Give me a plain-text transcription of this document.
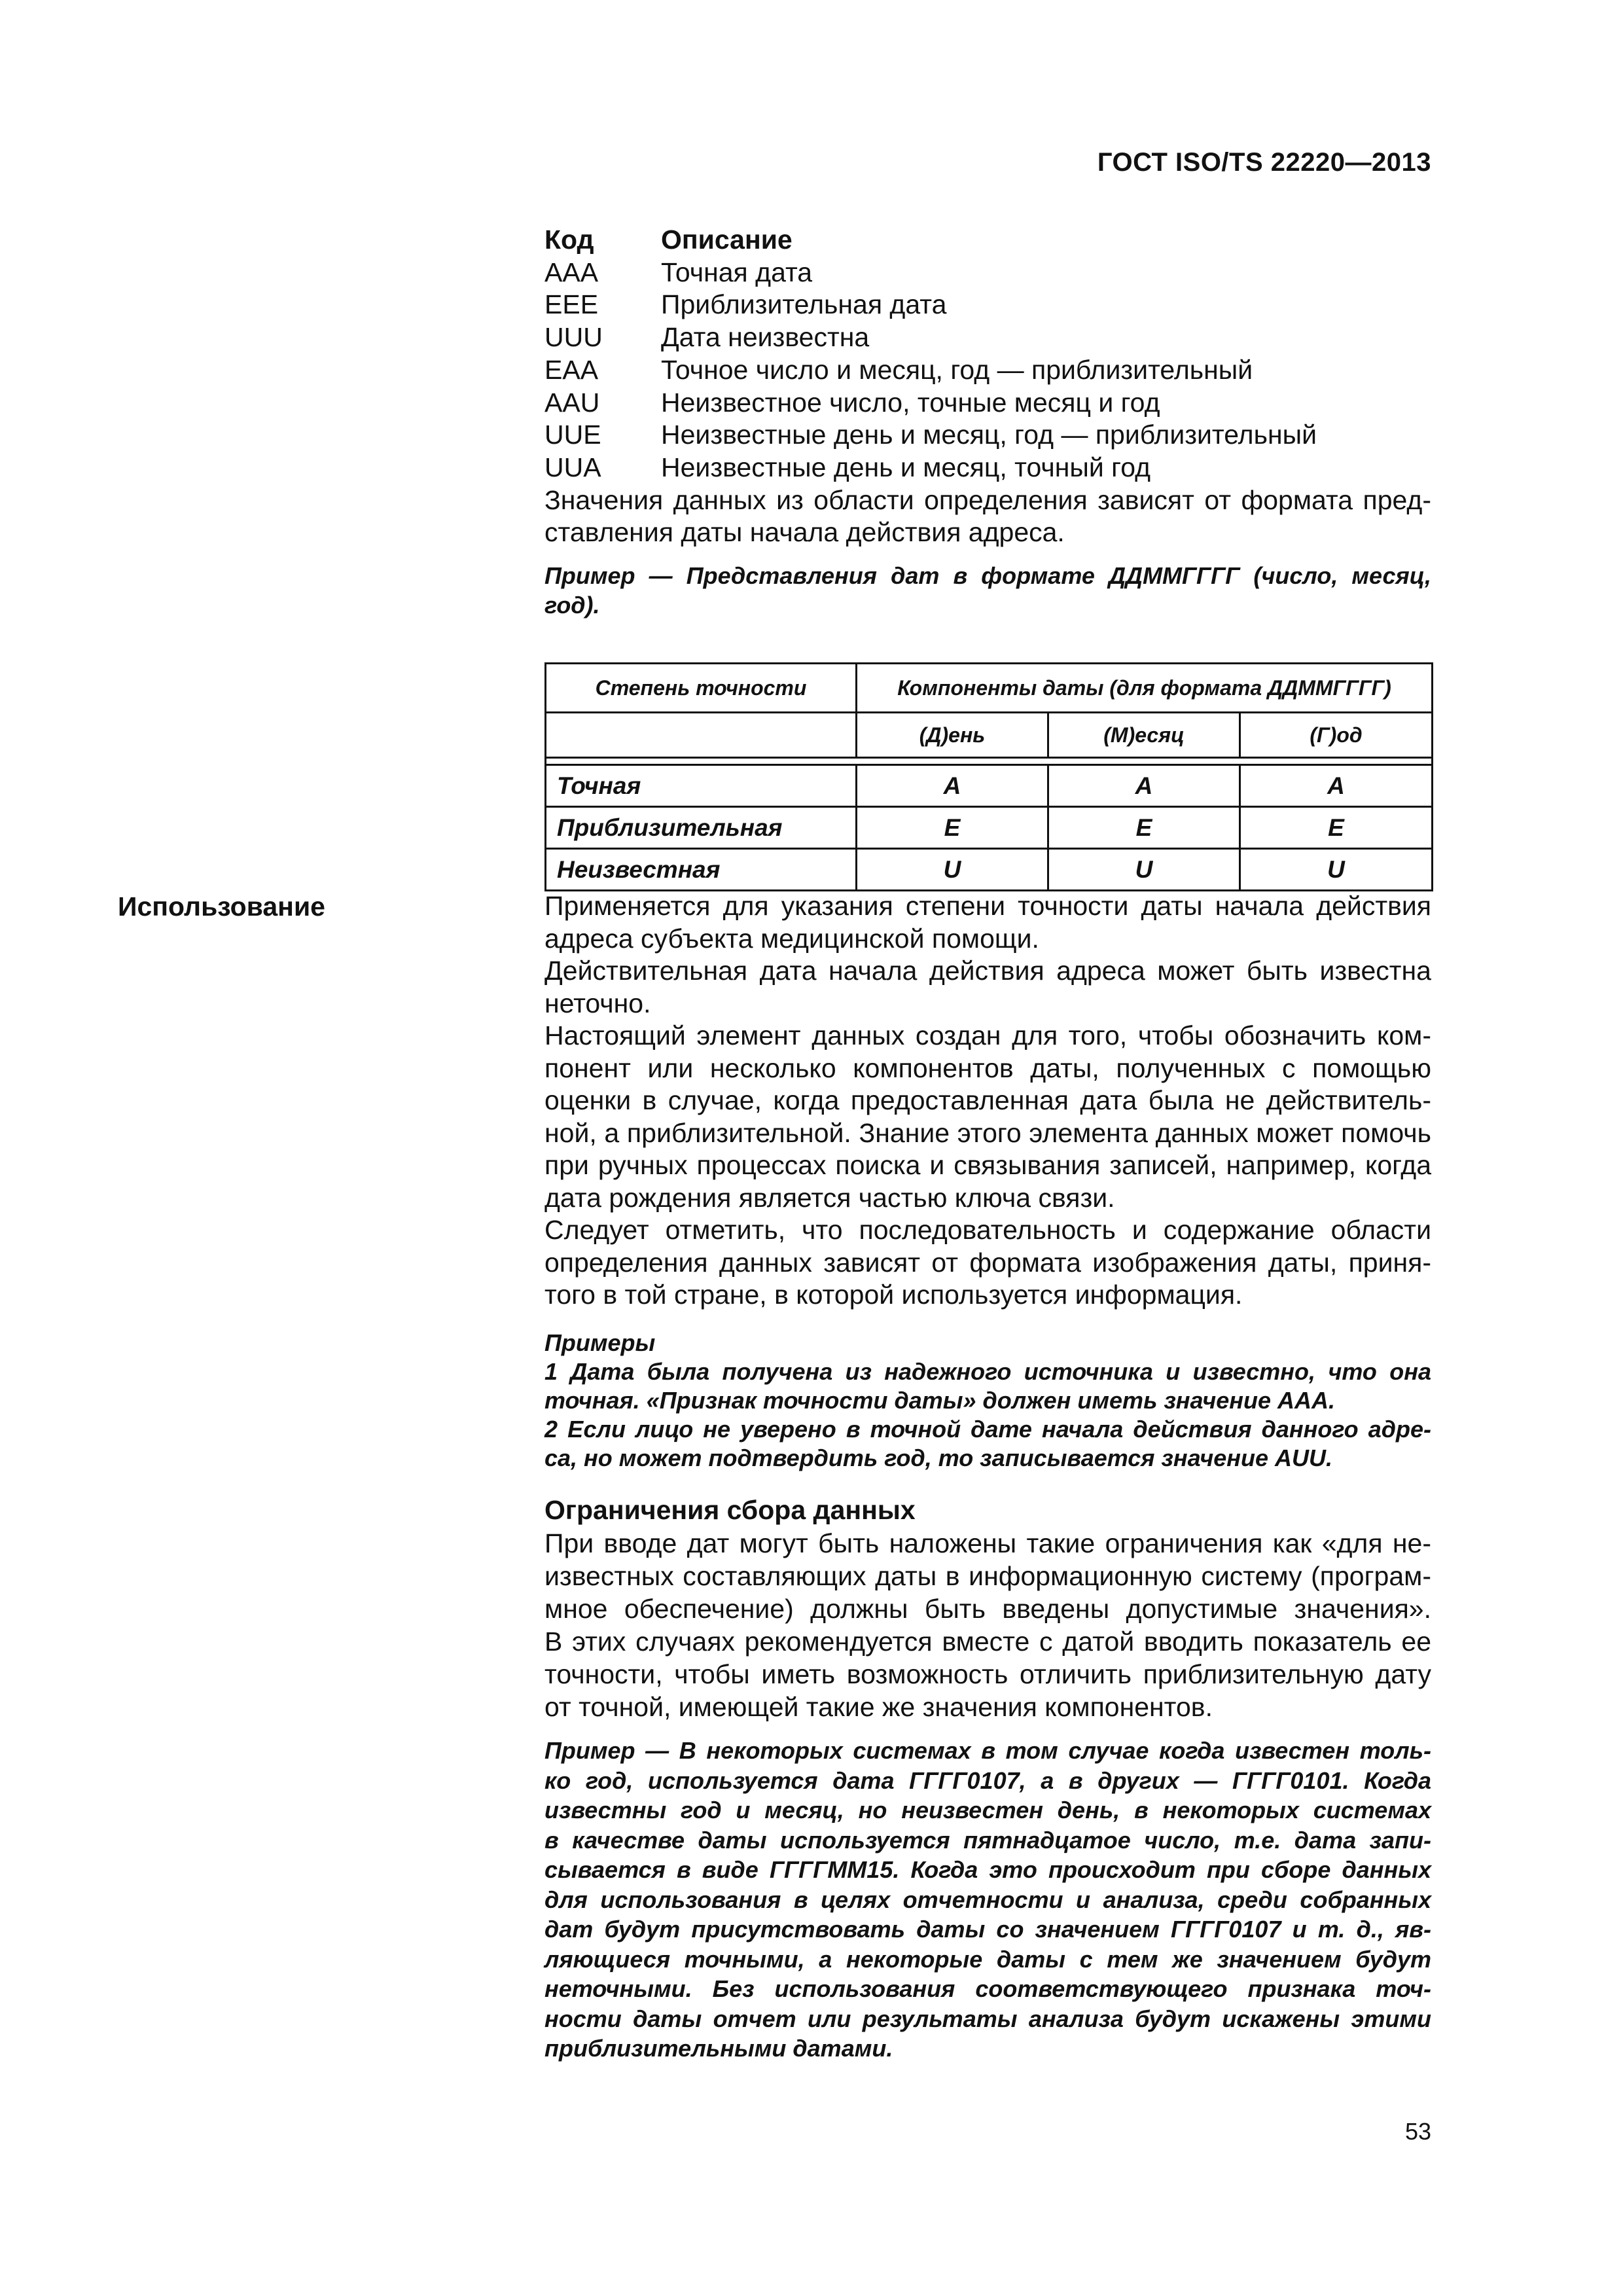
ГОСТ ISO/TS 22220—2013
Код	Описание
AAA	Точная дата
EEE	Приблизительная дата
UUU	Дата неизвестна
EAA	Точное число и месяц, год — приблизительный
AAU	Неизвестное число, точные месяц и год
UUE	Неизвестные день и месяц, год — приблизительный
UUA	Неизвестные день и месяц, точный год
Значения данных из области определения зависят от формата пред-
ставления даты начала действия адреса.
Пример — Представления дат в формате ДДММГГГГ (число, месяц,
год).
Степень точности	Компоненты даты (для формата ДДММГГГГ)		
	(Д)ень	(М)есяц	(Г)од

Точная	A	A	A
Приблизительная	E	E	E
Неизвестная	U	U	U
Использование	Применяется для указания степени точности даты начала действия
адреса субъекта медицинской помощи.
Действительная дата начала действия адреса может быть известна
неточно.
Настоящий элемент данных создан для того, чтобы обозначить ком-
понент или несколько компонентов даты, полученных с помощью
оценки в случае, когда предоставленная дата была не действитель-
ной, а приблизительной. Знание этого элемента данных может помочь
при ручных процессах поиска и связывания записей, например, когда
дата рождения является частью ключа связи.
Следует отметить, что последовательность и содержание области
определения данных зависят от формата изображения даты, приня-
того в той стране, в которой используется информация.
Примеры
1 Дата была получена из надежного источника и известно, что она
точная. «Признак точности даты» должен иметь значение AAA.
2 Если лицо не уверено в точной дате начала действия данного адре-
са, но может подтвердить год, то записывается значение AUU.
Ограничения сбора данных
При вводе дат могут быть наложены такие ограничения как «для не-
известных составляющих даты в информационную систему (програм-
мное обеспечение) должны быть введены допустимые значения».
В этих случаях рекомендуется вместе с датой вводить показатель ее
точности, чтобы иметь возможность отличить приблизительную дату
от точной, имеющей такие же значения компонентов.
Пример — В некоторых системах в том случае когда известен толь-
ко год, используется дата ГГГГ0107, а в других — ГГГГ0101. Когда
известны год и месяц, но неизвестен день, в некоторых системах
в качестве даты используется пятнадцатое число, т.е. дата запи-
сывается в виде ГГГГММ15. Когда это происходит при сборе данных
для использования в целях отчетности и анализа, среди собранных
дат будут присутствовать даты со значением ГГГГ0107 и т. д., яв-
ляющиеся точными, а некоторые даты с тем же значением будут
неточными. Без использования соответствующего признака точ-
ности даты отчет или результаты анализа будут искажены этими
приблизительными датами.
53
